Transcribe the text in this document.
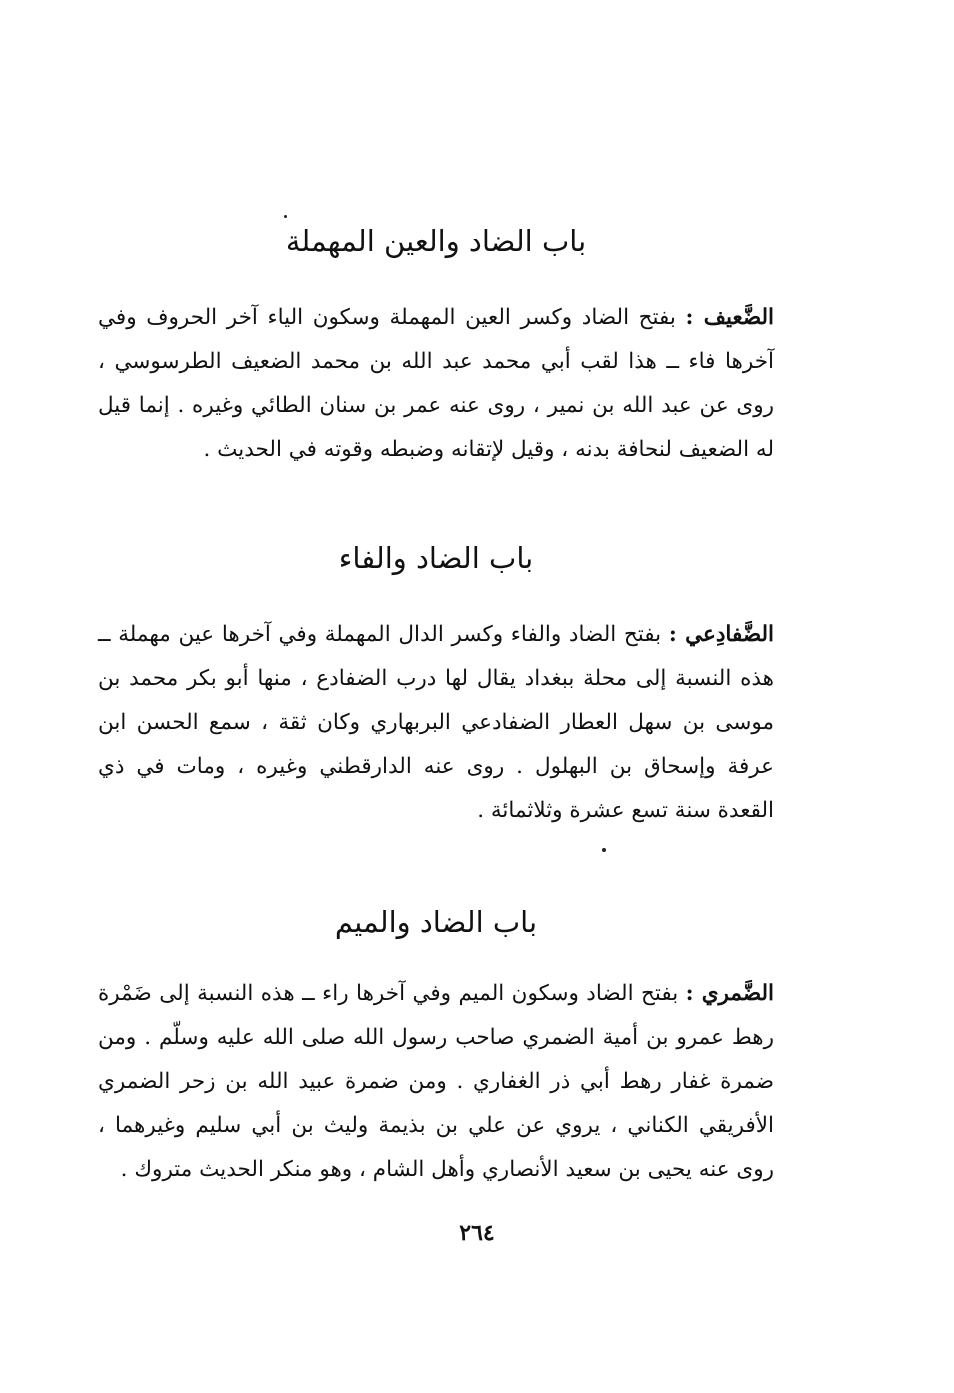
باب الضاد والعين المهملة

الضَّعيف : بفتح الضاد وكسر العين المهملة وسكون الياء آخر الحروف وفي آخرها فاء ــ هذا لقب أبي محمد عبد الله بن محمد الضعيف الطرسوسي ، روى عن عبد الله بن نمير ، روى عنه عمر بن سنان الطائي وغيره . إنما قيل له الضعيف لنحافة بدنه ، وقيل لإتقانه وضبطه وقوته في الحديث .

باب الضاد والفاء

الضَّفادِعي : بفتح الضاد والفاء وكسر الدال المهملة وفي آخرها عين مهملة ــ هذه النسبة إلى محلة ببغداد يقال لها درب الضفادع ، منها أبو بكر محمد بن موسى بن سهل العطار الضفادعي البربهاري وكان ثقة ، سمع الحسن ابن عرفة وإسحاق بن البهلول . روى عنه الدارقطني وغيره ، ومات في ذي القعدة سنة تسع عشرة وثلاثمائة .

باب الضاد والميم

الضَّمري : بفتح الضاد وسكون الميم وفي آخرها راء ــ هذه النسبة إلى ضَمْرة رهط عمرو بن أمية الضمري صاحب رسول الله صلى الله عليه وسلّم . ومن ضمرة غفار رهط أبي ذر الغفاري . ومن ضمرة عبيد الله بن زحر الضمري الأفريقي الكناني ، يروي عن علي بن بذيمة وليث بن أبي سليم وغيرهما ، روى عنه يحيى بن سعيد الأنصاري وأهل الشام ، وهو منكر الحديث متروك .

٢٦٤
